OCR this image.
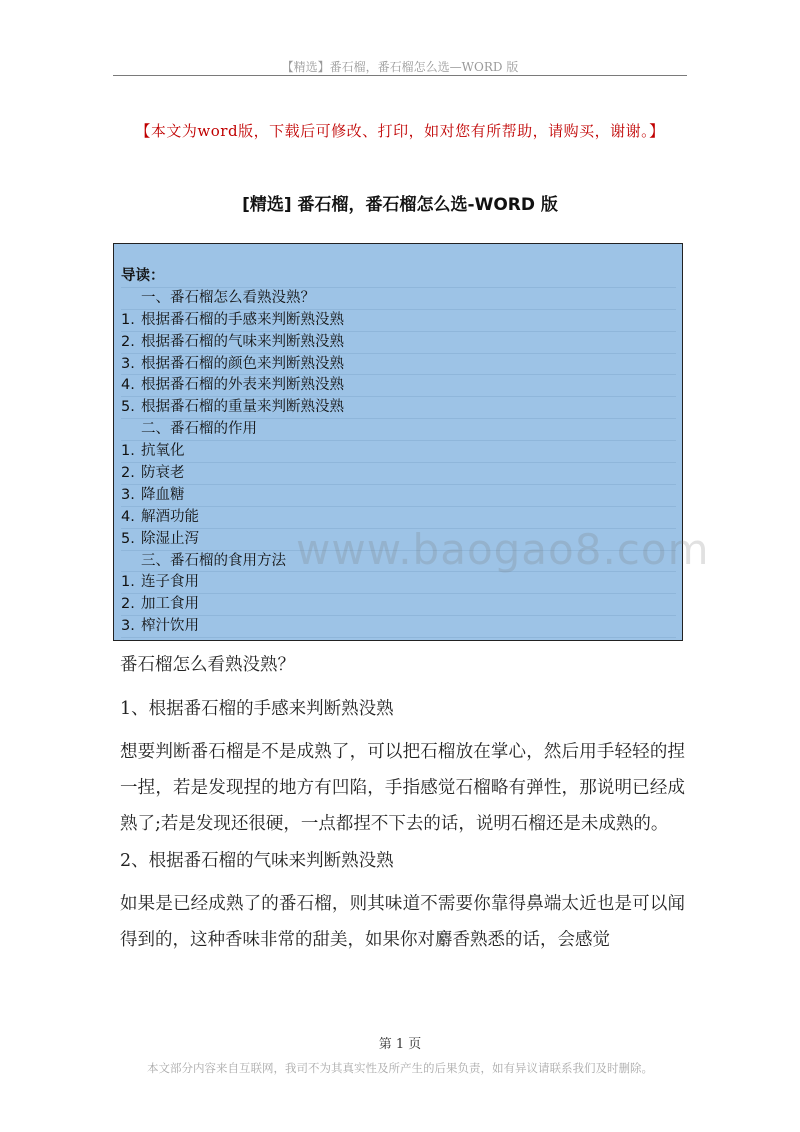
【精选】番石榴，番石榴怎么选—WORD 版
【本文为word版，下载后可修改、打印，如对您有所帮助，请购买，谢谢。】
[精选] 番石榴，番石榴怎么选-WORD 版
导读：
一、番石榴怎么看熟没熟？
1. 根据番石榴的手感来判断熟没熟
2. 根据番石榴的气味来判断熟没熟
3. 根据番石榴的颜色来判断熟没熟
4. 根据番石榴的外表来判断熟没熟
5. 根据番石榴的重量来判断熟没熟
二、番石榴的作用
1. 抗氧化
2. 防衰老
3. 降血糖
4. 解酒功能
5. 除湿止泻
三、番石榴的食用方法
1. 连子食用
2. 加工食用
3. 榨汁饮用
www.baogao8.com

番石榴怎么看熟没熟？

1、根据番石榴的手感来判断熟没熟

想要判断番石榴是不是成熟了，可以把石榴放在掌心，然后用手轻轻的捏一捏，若是发现捏的地方有凹陷，手指感觉石榴略有弹性，那说明已经成熟了;若是发现还很硬，一点都捏不下去的话，说明石榴还是未成熟的。

2、根据番石榴的气味来判断熟没熟

如果是已经成熟了的番石榴，则其味道不需要你靠得鼻端太近也是可以闻得到的，这种香味非常的甜美，如果你对麝香熟悉的话，会感觉

第 1 页
本文部分内容来自互联网，我司不为其真实性及所产生的后果负责，如有异议请联系我们及时删除。
